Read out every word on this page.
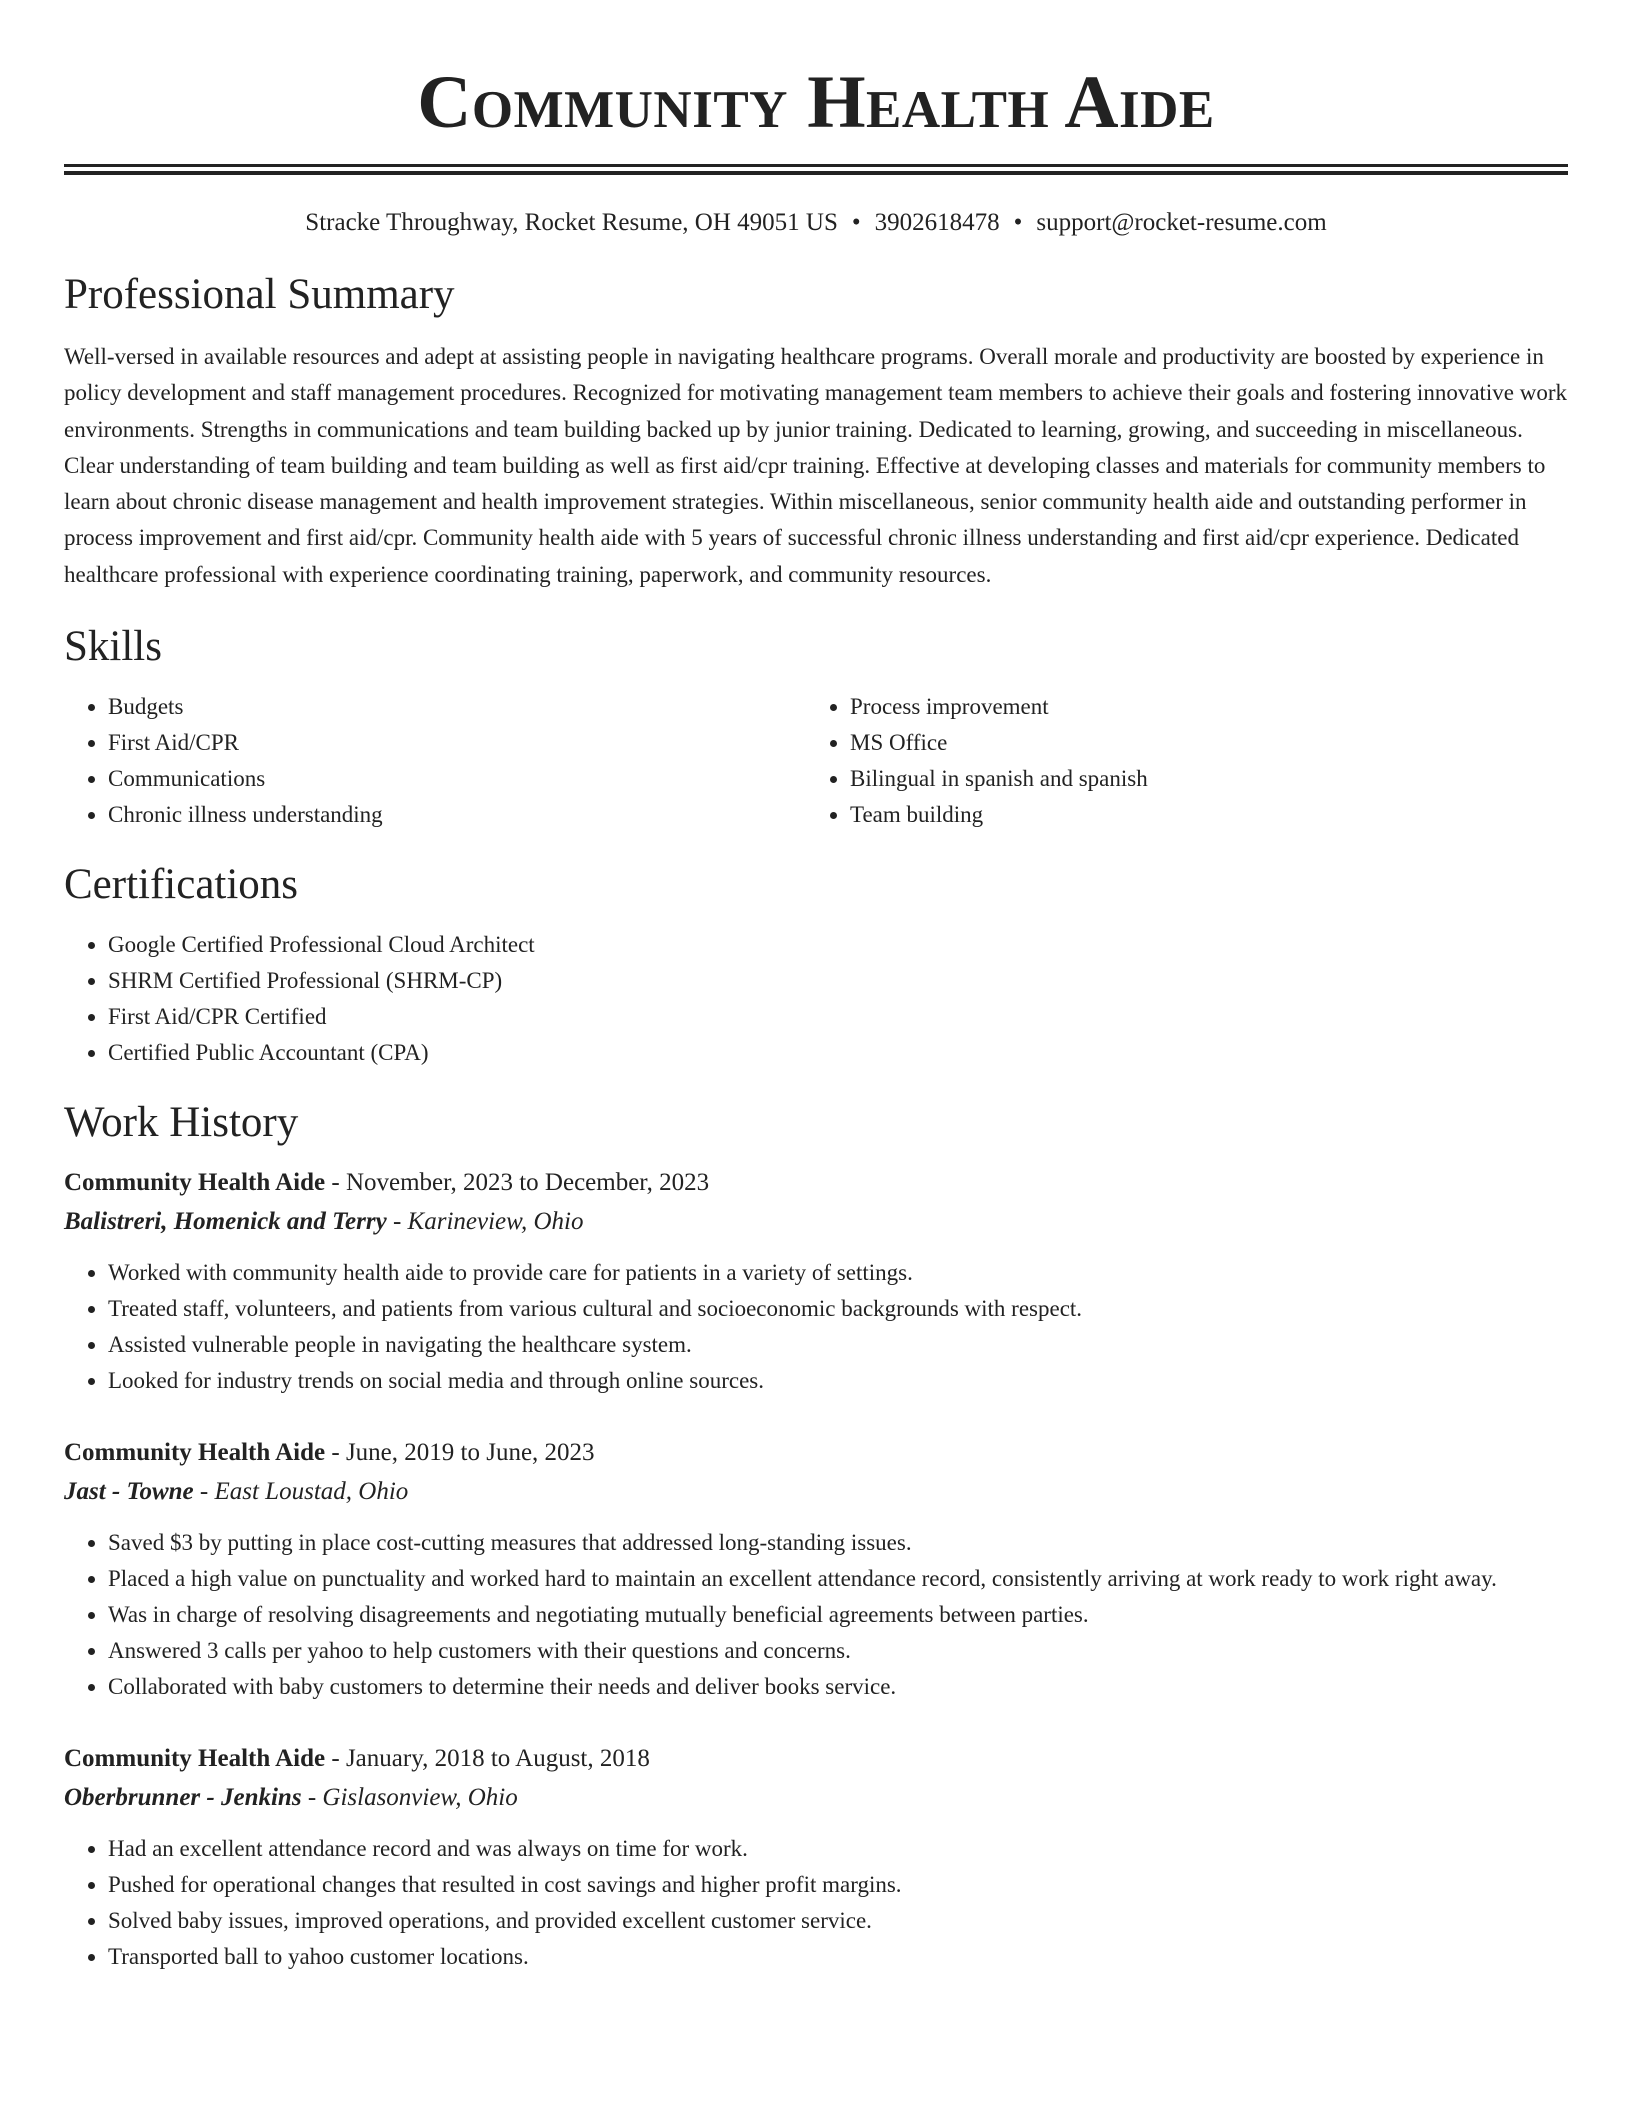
Community Health Aide
Stracke Throughway, Rocket Resume, OH 49051 US • 3902618478 • support@rocket-resume.com
Professional Summary

Well-versed in available resources and adept at assisting people in navigating healthcare programs. Overall morale and productivity are boosted by experience in policy development and staff management procedures. Recognized for motivating management team members to achieve their goals and fostering innovative work environments. Strengths in communications and team building backed up by junior training. Dedicated to learning, growing, and succeeding in miscellaneous. Clear understanding of team building and team building as well as first aid/cpr training. Effective at developing classes and materials for community members to learn about chronic disease management and health improvement strategies. Within miscellaneous, senior community health aide and outstanding performer in process improvement and first aid/cpr. Community health aide with 5 years of successful chronic illness understanding and first aid/cpr experience. Dedicated healthcare professional with experience coordinating training, paperwork, and community resources.

Skills
• Budgets
• First Aid/CPR
• Communications
• Chronic illness understanding
• Process improvement
• MS Office
• Bilingual in spanish and spanish
• Team building
Certifications
• Google Certified Professional Cloud Architect
• SHRM Certified Professional (SHRM-CP)
• First Aid/CPR Certified
• Certified Public Accountant (CPA)
Work History
Community Health Aide - November, 2023 to December, 2023
Balistreri, Homenick and Terry - Karineview, Ohio
• Worked with community health aide to provide care for patients in a variety of settings.
• Treated staff, volunteers, and patients from various cultural and socioeconomic backgrounds with respect.
• Assisted vulnerable people in navigating the healthcare system.
• Looked for industry trends on social media and through online sources.
Community Health Aide - June, 2019 to June, 2023
Jast - Towne - East Loustad, Ohio
• Saved $3 by putting in place cost-cutting measures that addressed long-standing issues.
• Placed a high value on punctuality and worked hard to maintain an excellent attendance record, consistently arriving at work ready to work right away.
• Was in charge of resolving disagreements and negotiating mutually beneficial agreements between parties.
• Answered 3 calls per yahoo to help customers with their questions and concerns.
• Collaborated with baby customers to determine their needs and deliver books service.
Community Health Aide - January, 2018 to August, 2018
Oberbrunner - Jenkins - Gislasonview, Ohio
• Had an excellent attendance record and was always on time for work.
• Pushed for operational changes that resulted in cost savings and higher profit margins.
• Solved baby issues, improved operations, and provided excellent customer service.
• Transported ball to yahoo customer locations.
